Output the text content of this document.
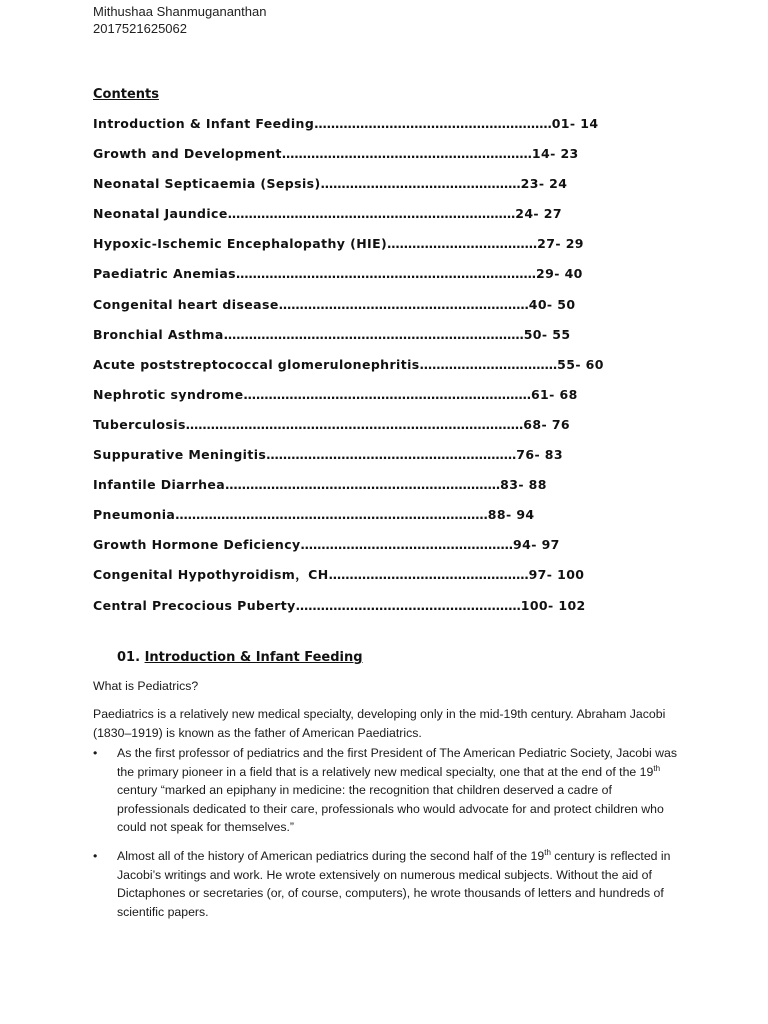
Mithushaa Shanmugananthan
2017521625062
Contents
Introduction & Infant Feeding…………………………………………………01- 14
Growth and Development……………………………………………………14- 23
Neonatal Septicaemia (Sepsis)…………………………………………23- 24
Neonatal Jaundice……………………………………………………………24- 27
Hypoxic-Ischemic Encephalopathy (HIE)………………………………27- 29
Paediatric Anemias………………………………………………………………29- 40
Congenital heart disease……………………………………………………40- 50
Bronchial Asthma………………………………………………………………50- 55
Acute poststreptococcal glomerulonephritis……………………………55- 60
Nephrotic syndrome……………………………………………………………61- 68
Tuberculosis………………………………………………………………………68- 76
Suppurative Meningitis……………………………………………………76- 83
Infantile Diarrhea…………………………………………………………83- 88
Pneumonia…………………………………………………………………88- 94
Growth Hormone Deficiency……………………………………………94- 97
Congenital Hypothyroidism，CH…………………………………………97- 100
Central Precocious Puberty………………………………………………100- 102
01. Introduction & Infant Feeding
What is Pediatrics?
Paediatrics is a relatively new medical specialty, developing only in the mid-19th century. Abraham Jacobi (1830–1919) is known as the father of American Paediatrics.
• As the first professor of pediatrics and the first President of The American Pediatric Society, Jacobi was the primary pioneer in a field that is a relatively new medical specialty, one that at the end of the 19th century “marked an epiphany in medicine: the recognition that children deserved a cadre of professionals dedicated to their care, professionals who would advocate for and protect children who could not speak for themselves.”
• Almost all of the history of American pediatrics during the second half of the 19th century is reflected in Jacobi’s writings and work. He wrote extensively on numerous medical subjects. Without the aid of Dictaphones or secretaries (or, of course, computers), he wrote thousands of letters and hundreds of scientific papers.
